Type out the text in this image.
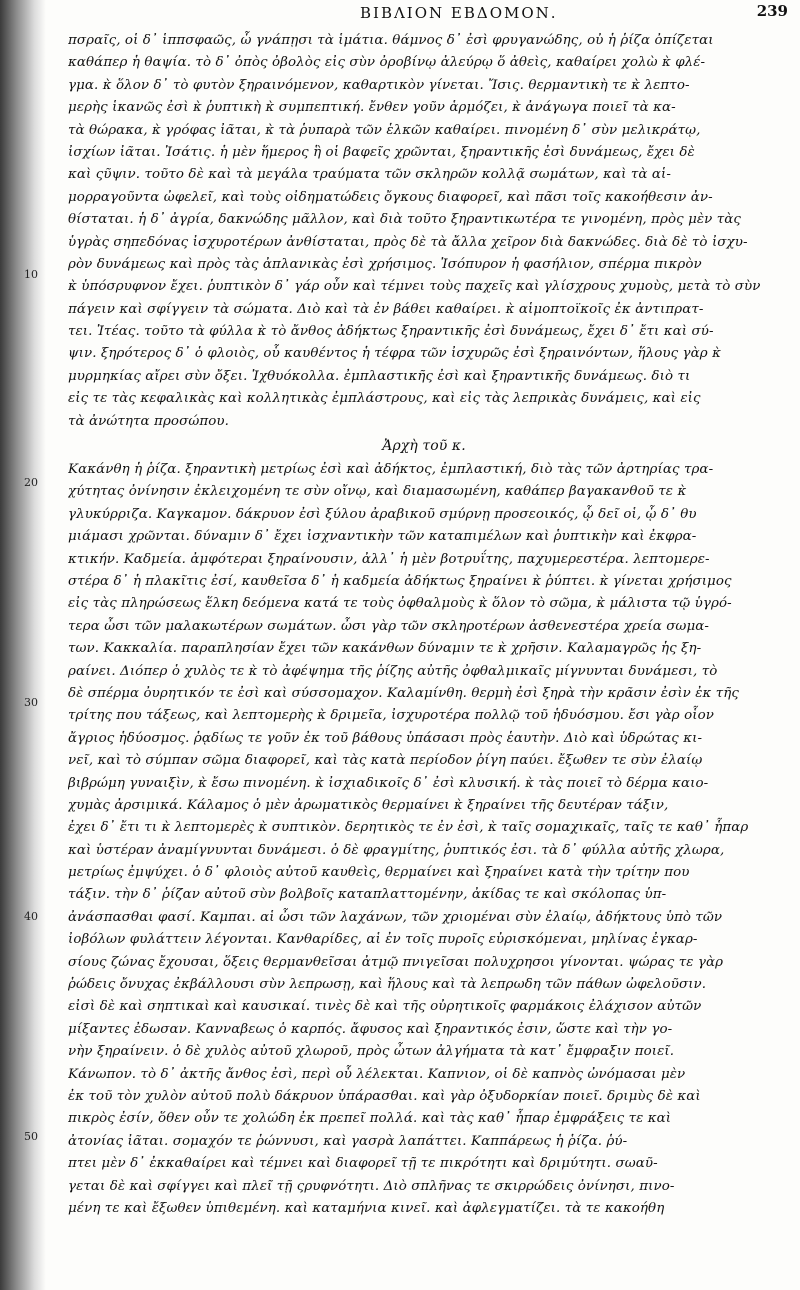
ΒΙΒΛΙΟΝ ΕΒΔΟΜΟΝ.	239
10
20
30
40
50
πσραῖς, οἱ δ᾽ ἱππσφαῶς, ὧ γνάπῃσι τὰ ἱμάτια. θάμνος δ᾽ ἐσὶ φρυγανώδης, οὐ ἡ ῥίζα ὀπίζεται
καθάπερ ἡ θαψία. τὸ δ᾽ ὀπὸς ὀβολὸς εἰς σὺν ὀροβίνῳ ἀλεύρῳ ὅ ἀθεὶς, καθαίρει χολὼ κ̀ φλέ-
γμα. κ̀ ὅλον δ᾽ τὸ φυτὸν ξηραινόμενον, καθαρτικὸν γίνεται. Ἴσις. θερμαντικὴ τε κ̀ λεπτο-
μερὴς ἱκανῶς ἐσὶ κ̀ ῥυπτικὴ κ̀ συμπεπτική. ἔνθεν γοῦν ἁρμόζει, κ̀ ἀνάγωγα ποιεῖ τὰ κα-
τὰ θώρακα, κ̀ γρόφας ἰᾶται, κ̀ τὰ ῥυπαρὰ τῶν ἑλκῶν καθαίρει. πινομένη δ᾽ σὺν μελικράτῳ,
ἰσχίων ἰᾶται. Ἰσάτις. ἡ μὲν ἥμερος ἣ οἱ βαφεῖς χρῶνται, ξηραντικῆς ἐσὶ δυνάμεως, ἔχει δὲ
καὶ ςῦψιν. τοῦτο δὲ καὶ τὰ μεγάλα τραύματα τῶν σκληρῶν κολλᾷ σωμάτων, καὶ τὰ αἱ-
μορραγοῦντα ὠφελεῖ, καὶ τοὺς οἰδηματώδεις ὄγκους διαφορεῖ, καὶ πᾶσι τοῖς κακοήθεσιν ἀν-
θίσταται. ἡ δ᾽ ἀγρία, δακνώδης μᾶλλον, καὶ διὰ τοῦτο ξηραντικωτέρα τε γινομένη, πρὸς μὲν τὰς
ὑγρὰς σηπεδόνας ἰσχυροτέρων ἀνθίσταται, πρὸς δὲ τὰ ἄλλα χεῖρον διὰ δακνώδες. διὰ δὲ τὸ ἰσχυ-
ρὸν δυνάμεως καὶ πρὸς τὰς ἀπλανικὰς ἐσὶ χρήσιμος. Ἰσόπυρον ἡ φασήλιον, σπέρμα πικρὸν
κ̀ ὑπόσρυφνον ἔχει. ῥυπτικὸν δ᾽ γάρ οὖν καὶ τέμνει τοὺς παχεῖς καὶ γλίσχρους χυμοὺς, μετὰ τὸ σὺν
πάγειν καὶ σφίγγειν τὰ σώματα. Διὸ καὶ τὰ ἐν βάθει καθαίρει. κ̀ αἱμοπτοϊκοῖς ἐκ ἀντιπρατ-
τει. Ἰτέας. τοῦτο τὰ φύλλα κ̀ τὸ ἄνθος ἀδήκτως ξηραντικῆς ἐσὶ δυνάμεως, ἔχει δ᾽ ἔτι καὶ σύ-
ψιν. ξηρότερος δ᾽ ὁ φλοιὸς, οὗ καυθέντος ἡ τέφρα τῶν ἰσχυρῶς ἐσὶ ξηραινόντων, ἥλους γὰρ κ̀
μυρμηκίας αἴρει σὺν ὄξει. Ἰχθυόκολλα. ἐμπλαστικῆς ἐσὶ καὶ ξηραντικῆς δυνάμεως. διὸ τι
εἰς τε τὰς κεφαλικὰς καὶ κολλητικὰς ἐμπλάστρους, καὶ εἰς τὰς λεπρικὰς δυνάμεις, καὶ εἰς
τὰ ἀνώτητα προσώπου.
Ἀρχὴ τοῦ κ.
Κακάνθη ἡ ῥίζα. ξηραντικὴ μετρίως ἐσὶ καὶ ἀδήκτος, ἐμπλαστική, διὸ τὰς τῶν ἀρτηρίας τρα-
χύτητας ὀνίνησιν ἐκλειχομένη τε σὺν οἴνῳ, καὶ διαμασωμένη, καθάπερ βαγακανθοῦ τε κ̀
γλυκύρριζα. Καγκαμον. δάκρυον ἐσὶ ξύλου ἀραβικοῦ σμύρνῃ προσεοικός, ᾧ δεῖ οἱ, ᾧ δ᾽ θυ
μιάμασι χρῶνται. δύναμιν δ᾽ ἔχει ἰσχναντικὴν τῶν καταπιμέλων καὶ ῥυπτικὴν καὶ ἐκφρα-
κτικήν. Καδμεία. ἀμφότεραι ξηραίνουσιν, ἀλλ᾽ ἡ μὲν βοτρυΐτης, παχυμερεστέρα. λεπτομερε-
στέρα δ᾽ ἡ πλακῖτις ἐσί, καυθεῖσα δ᾽ ἡ καδμεία ἀδήκτως ξηραίνει κ̀ ῥύπτει. κ̀ γίνεται χρήσιμος
εἰς τὰς πληρώσεως ἕλκη δεόμενα κατά τε τοὺς ὀφθαλμοὺς κ̀ ὅλον τὸ σῶμα, κ̀ μάλιστα τῷ ὑγρό-
τερα ὦσι τῶν μαλακωτέρων σωμάτων. ὦσι γὰρ τῶν σκληροτέρων ἀσθενεστέρα χρεία σωμα-
των. Κακκαλία. παραπλησίαν ἔχει τῶν κακάνθων δύναμιν τε κ̀ χρῆσιν. Καλαμαγρῶς ἡς ξη-
ραίνει. Διόπερ ὁ χυλὸς τε κ̀ τὸ ἀφέψημα τῆς ῥίζης αὐτῆς ὀφθαλμικαῖς μίγνυνται δυνάμεσι, τὸ
δὲ σπέρμα ὀυρητικόν τε ἐσὶ καὶ σύσσομαχον. Καλαμίνθη. θερμὴ ἐσὶ ξηρὰ τὴν κρᾶσιν ἐσὶν ἐκ τῆς
τρίτης που τάξεως, καὶ λεπτομερὴς κ̀ δριμεῖα, ἰσχυροτέρα πολλῷ τοῦ ἡδυόσμου. ἔσι γὰρ οἷον
ἄγριος ἡδύοσμος. ῥᾳδίως τε γοῦν ἐκ τοῦ βάθους ὑπάσασι πρὸς ἑαυτὴν. Διὸ καὶ ὑδρώτας κι-
νεῖ, καὶ τὸ σύμπαν σῶμα διαφορεῖ, καὶ τὰς κατὰ περίοδον ῥίγη παύει. ἔξωθεν τε σὺν ἐλαίῳ
βιβρώμη γυναιξὶν, κ̀ ἔσω πινομένη. κ̀ ἰσχιαδικοῖς δ᾽ ἐσὶ κλυσική. κ̀ τὰς ποιεῖ τὸ δέρμα καιο-
χυμὰς ἀρσιμικά. Κάλαμος ὁ μὲν ἀρωματικὸς θερμαίνει κ̀ ξηραίνει τῆς δευτέραν τάξιν,
ἐχει δ᾽ ἔτι τι κ̀ λεπτομερὲς κ̀ συπτικὸν. δερητικὸς τε ἐν ἐσὶ, κ̀ ταῖς σομαχικαῖς, ταῖς τε καθ᾽ ἧπαρ
καὶ ὑστέραν ἀναμίγνυνται δυνάμεσι. ὁ δὲ φραγμίτης, ῥυπτικός ἐσι. τὰ δ᾽ φύλλα αὐτῆς χλωρα,
μετρίως ἐμψύχει. ὁ δ᾽ φλοιὸς αὐτοῦ καυθεὶς, θερμαίνει καὶ ξηραίνει κατὰ τὴν τρίτην που
τάξιν. τὴν δ᾽ ῥίζαν αὐτοῦ σὺν βολβοῖς καταπλαττομένην, ἀκίδας τε καὶ σκόλοπας ὑπ-
ἀνάσπασθαι φασί. Καμπαι. αἱ ὦσι τῶν λαχάνων, τῶν χριομέναι σὺν ἐλαίῳ, ἀδήκτους ὑπὸ τῶν
ἰοβόλων φυλάττειν λέγονται. Κανθαρίδες, αἱ ἐν τοῖς πυροῖς εὐρισκόμεναι, μηλίνας ἐγκαρ-
σίους ζώνας ἔχουσαι, ὅξεις θερμανθεῖσαι ἀτμῷ πνιγεῖσαι πολυχρησοι γίνονται. ψώρας τε γὰρ
ῥώδεις ὄνυχας ἐκβάλλουσι σὺν λεπρωσῃ, καὶ ἥλους καὶ τὰ λεπρωδη τῶν πάθων ὠφελοῦσιν.
εἰσὶ δὲ καὶ σηπτικαὶ καὶ καυσικαί. τινὲς δὲ καὶ τῆς οὐρητικοῖς φαρμάκοις ἐλάχισον αὐτῶν
μίξαντες ἐδωσαν. Κανναβεως ὁ καρπός. ἄφυσος καὶ ξηραντικός ἐσιν, ὥστε καὶ τὴν γο-
νὴν ξηραίνειν. ὁ δὲ χυλὸς αὐτοῦ χλωροῦ, πρὸς ὦτων ἀλγήματα τὰ κατ᾽ ἔμφραξιν ποιεῖ.
Κάνωπον. τὸ δ᾽ ἀκτῆς ἄνθος ἐσὶ, περὶ οὗ λέλεκται. Καπνιον, οἱ δὲ καπνὸς ὠνόμασαι μὲν
ἐκ τοῦ τὸν χυλὸν αὐτοῦ πολὺ δάκρυον ὑπάρασθαι. καὶ γὰρ ὀξυδορκίαν ποιεῖ. δριμὺς δὲ καὶ
πικρὸς ἐσίν, ὅθεν οὖν τε χολώδη ἐκ πρεπεῖ πολλά. καὶ τὰς καθ᾽ ἧπαρ ἐμφράξεις τε καὶ
ἀτονίας ἰᾶται. σομαχόν τε ῥώννυσι, καὶ γασρὰ λαπάττει. Καππάρεως ἡ ῥίζα. ῥύ-
πτει μὲν δ᾽ ἐκκαθαίρει καὶ τέμνει καὶ διαφορεῖ τῇ τε πικρότητι καὶ δριμύτητι. σωαῦ-
γεται δὲ καὶ σφίγγει καὶ πλεῖ τῇ ςρυφνότητι. Διὸ σπλῆνας τε σκιρρώδεις ὀνίνησι, πινο-
μένη τε καὶ ἔξωθεν ὑπιθεμένη. καὶ καταμήνια κινεῖ. καὶ ἀφλεγματίζει. τὰ τε κακοήθη
